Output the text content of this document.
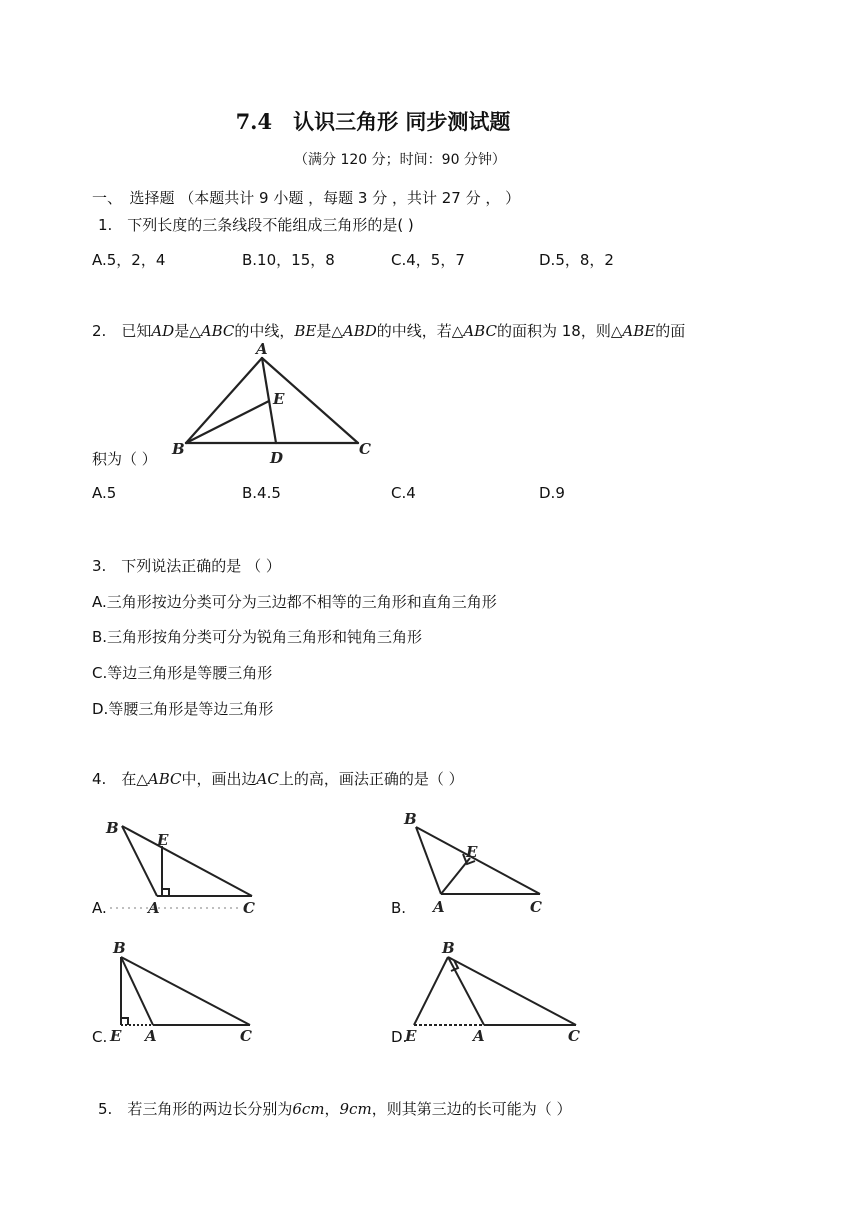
7.4　认识三角形 同步测试题
（满分 120 分；时间：90 分钟）
一、　选择题 （本题共计 9 小题 ，每题 3 分 ，共计 27 分 ， ）
1.　下列长度的三条线段不能组成三角形的是( )
A.5，2，4	B.10，15，8	C.4，5，7	D.5，8，2
2.　已知AD是△ABC的中线，BE是△ABD的中线，若△ABC的面积为 18，则△ABE的面
A
B	C
D
E
积为（ ）
A.5	B.4.5	C.4	D.9
3.　下列说法正确的是 （ ）
A.三角形按边分类可分为三边都不相等的三角形和直角三角形
B.三角形按角分类可分为锐角三角形和钝角三角形
C.等边三角形是等腰三角形
D.等腰三角形是等边三角形
4.　在△ABC中，画出边AC上的高，画法正确的是（ ）
A.
B
E
A	C	B.
B
E
A	C
C.
B
E A	C	D.
B
E	A	C
5.　若三角形的两边长分别为6cm，9cm，则其第三边的长可能为（ ）
